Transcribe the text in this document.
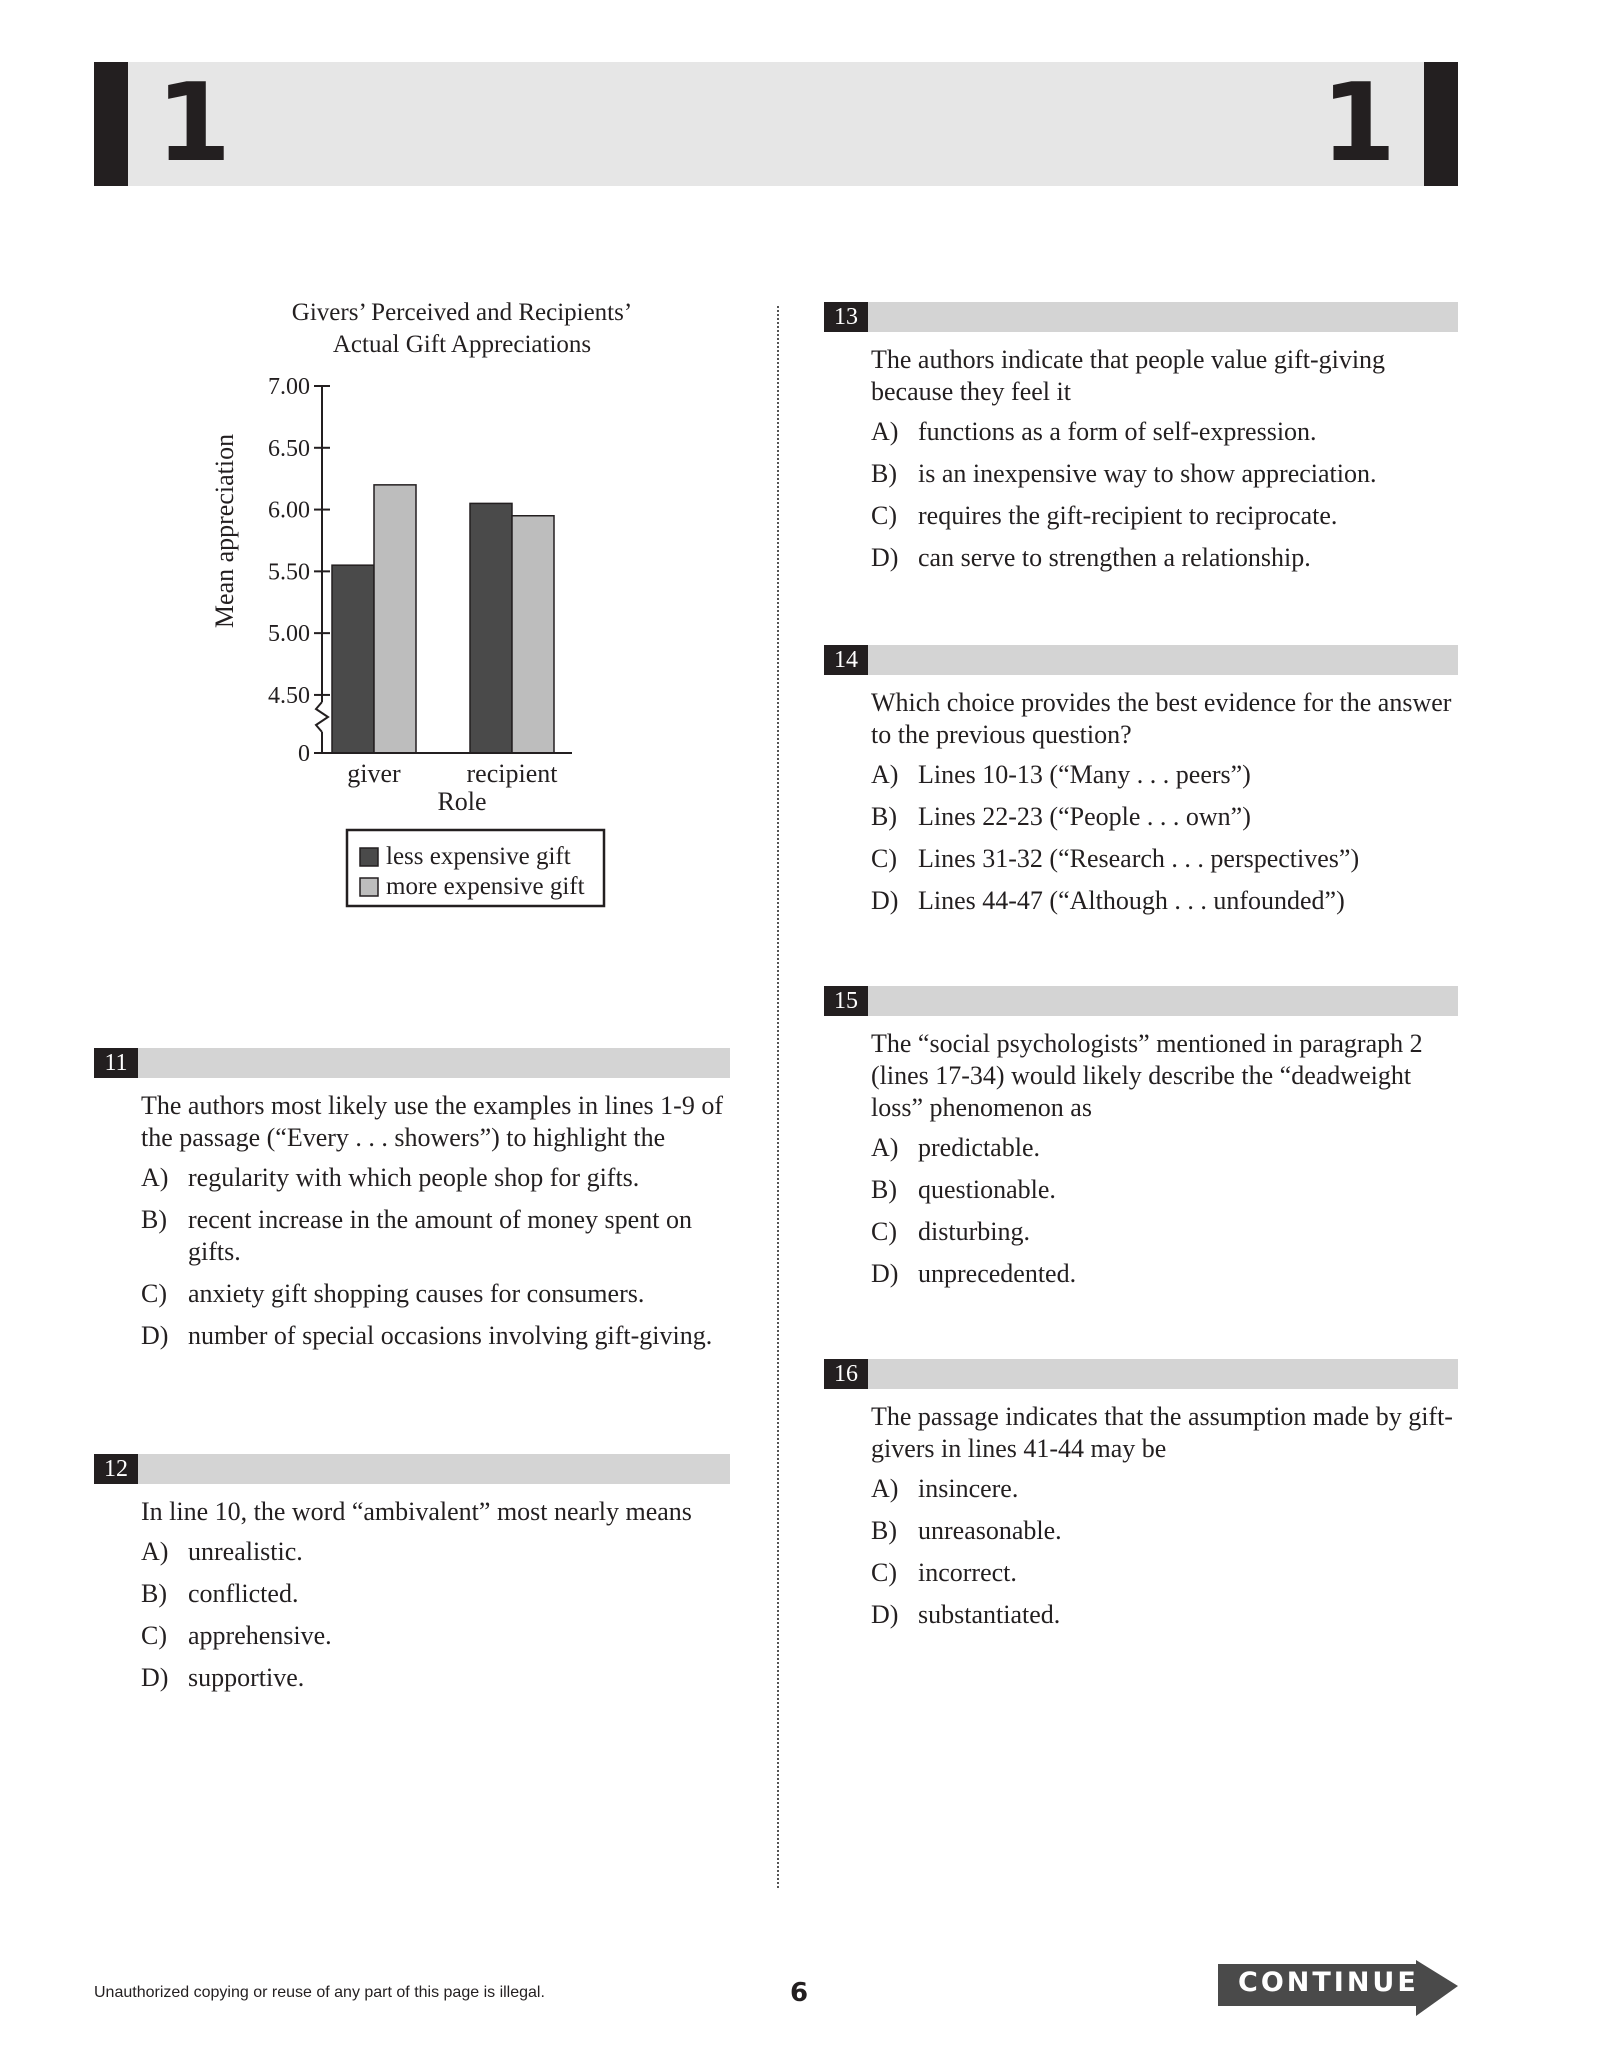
1	1
Givers’ Perceived and Recipients’
Actual Gift Appreciations
Mean appreciation
7.00
6.50
6.00
5.50
5.00
4.50
0
giver	recipient
Role
less expensive gift
more expensive gift
11
The authors most likely use the examples in lines 1-9 of the passage (“Every . . . showers”) to highlight the
A) regularity with which people shop for gifts.
B) recent increase in the amount of money spent on gifts.
C) anxiety gift shopping causes for consumers.
D) number of special occasions involving gift-giving.
12
In line 10, the word “ambivalent” most nearly means
A) unrealistic.
B) conflicted.
C) apprehensive.
D) supportive.
13
The authors indicate that people value gift-giving because they feel it
A) functions as a form of self-expression.
B) is an inexpensive way to show appreciation.
C) requires the gift-recipient to reciprocate.
D) can serve to strengthen a relationship.
14
Which choice provides the best evidence for the answer to the previous question?
A) Lines 10-13 (“Many . . . peers”)
B) Lines 22-23 (“People . . . own”)
C) Lines 31-32 (“Research . . . perspectives”)
D) Lines 44-47 (“Although . . . unfounded”)
15
The “social psychologists” mentioned in paragraph 2 (lines 17-34) would likely describe the “deadweight loss” phenomenon as
A) predictable.
B) questionable.
C) disturbing.
D) unprecedented.
16
The passage indicates that the assumption made by gift-givers in lines 41-44 may be
A) insincere.
B) unreasonable.
C) incorrect.
D) substantiated.
Unauthorized copying or reuse of any part of this page is illegal.	6	CONTINUE
